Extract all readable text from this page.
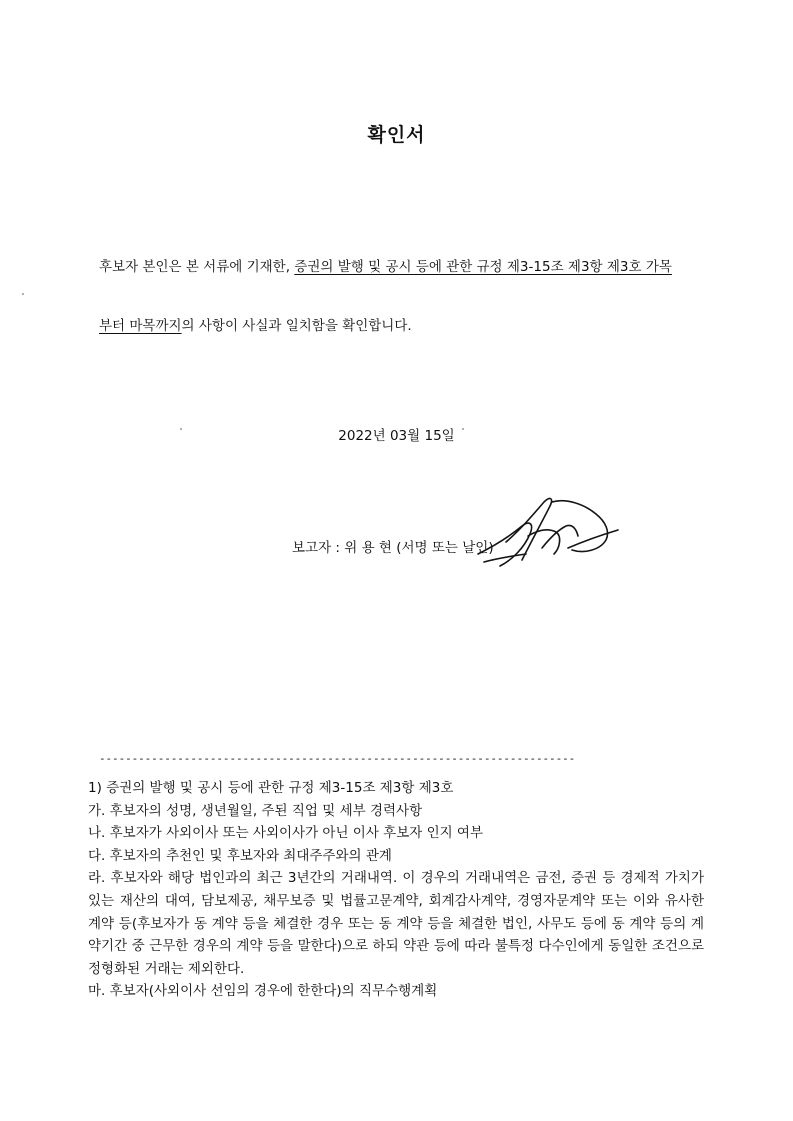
확인서
후보자 본인은 본 서류에 기재한, 증권의 발행 및 공시 등에 관한 규정 제3-15조 제3항 제3호 가목
부터 마목까지의 사항이 사실과 일치함을 확인합니다.
2022년 03월 15일
보고자 : 위 용 현 (서명 또는 날인)
-------------------------------------------------------------------------
1) 증권의 발행 및 공시 등에 관한 규정 제3-15조 제3항 제3호
가. 후보자의 성명, 생년월일, 주된 직업 및 세부 경력사항
나. 후보자가 사외이사 또는 사외이사가 아닌 이사 후보자 인지 여부
다. 후보자의 추천인 및 후보자와 최대주주와의 관계
라. 후보자와 해당 법인과의 최근 3년간의 거래내역. 이 경우의 거래내역은 금전, 증권 등 경제적 가치가 있는 재산의 대여, 담보제공, 채무보증 및 법률고문계약, 회계감사계약, 경영자문계약 또는 이와 유사한 계약 등(후보자가 동 계약 등을 체결한 경우 또는 동 계약 등을 체결한 법인, 사무도 등에 동 계약 등의 계약기간 중 근무한 경우의 계약 등을 말한다)으로 하되 약관 등에 따라 불특정 다수인에게 동일한 조건으로 정형화된 거래는 제외한다.
마. 후보자(사외이사 선임의 경우에 한한다)의 직무수행계획
